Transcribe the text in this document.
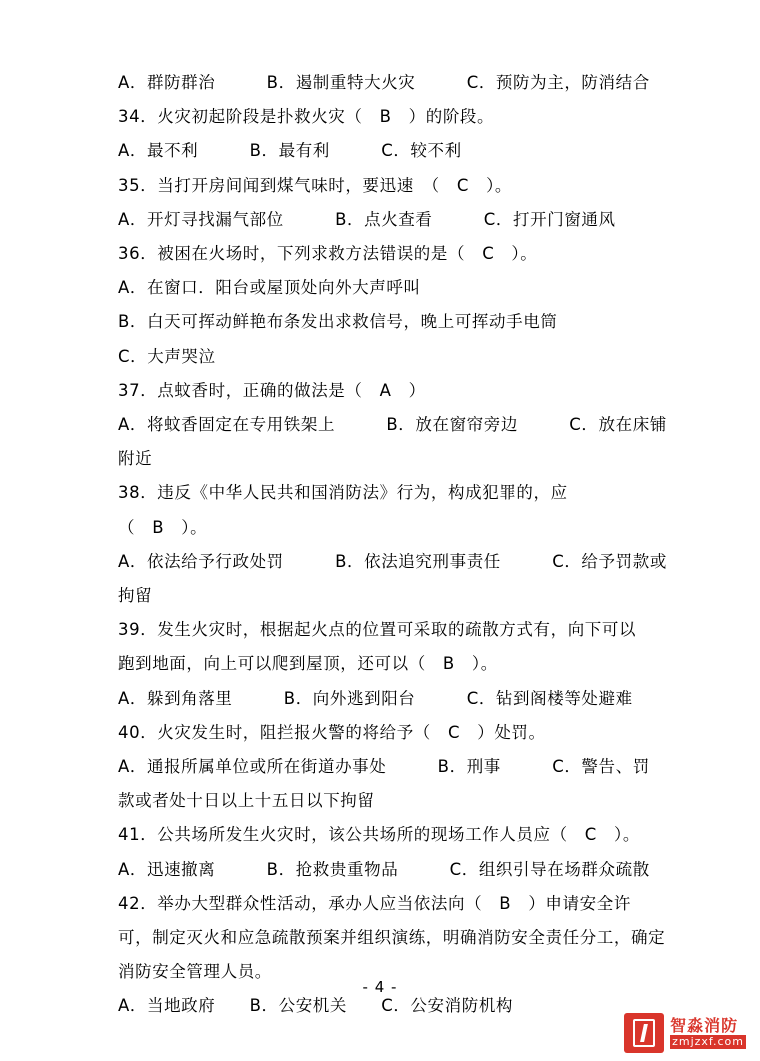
A．群防群治　　　B．遏制重特大火灾　　　C．预防为主，防消结合
34．火灾初起阶段是扑救火灾（　B　）的阶段。
A．最不利　　　B．最有利　　　C．较不利
35．当打开房间闻到煤气味时，要迅速　（　C　）。
A．开灯寻找漏气部位　　　B．点火查看　　　C．打开门窗通风
36．被困在火场时，下列求救方法错误的是（　C　）。
A．在窗口．阳台或屋顶处向外大声呼叫
B．白天可挥动鲜艳布条发出求救信号，晚上可挥动手电筒
C．大声哭泣
37．点蚊香时，正确的做法是（　A　）
A．将蚊香固定在专用铁架上　　　B．放在窗帘旁边　　　C．放在床铺
附近
38．违反《中华人民共和国消防法》行为，构成犯罪的，应
（　B　）。
A．依法给予行政处罚　　　B．依法追究刑事责任　　　C．给予罚款或
拘留
39．发生火灾时，根据起火点的位置可采取的疏散方式有，向下可以
跑到地面，向上可以爬到屋顶，还可以（　B　）。
A．躲到角落里　　　B．向外逃到阳台　　　C．钻到阁楼等处避难
40．火灾发生时，阻拦报火警的将给予（　C　）处罚。
A．通报所属单位或所在街道办事处　　　B．刑事　　　C．警告、罚
款或者处十日以上十五日以下拘留
41．公共场所发生火灾时，该公共场所的现场工作人员应（　C　）。
A．迅速撤离　　　B．抢救贵重物品　　　C．组织引导在场群众疏散
42．举办大型群众性活动，承办人应当依法向（　B　）申请安全许
可，制定灭火和应急疏散预案并组织演练，明确消防安全责任分工，确定
消防安全管理人员。
A．当地政府　　B．公安机关　　C．公安消防机构
- 4 -
智淼消防
zmjzxf.com
